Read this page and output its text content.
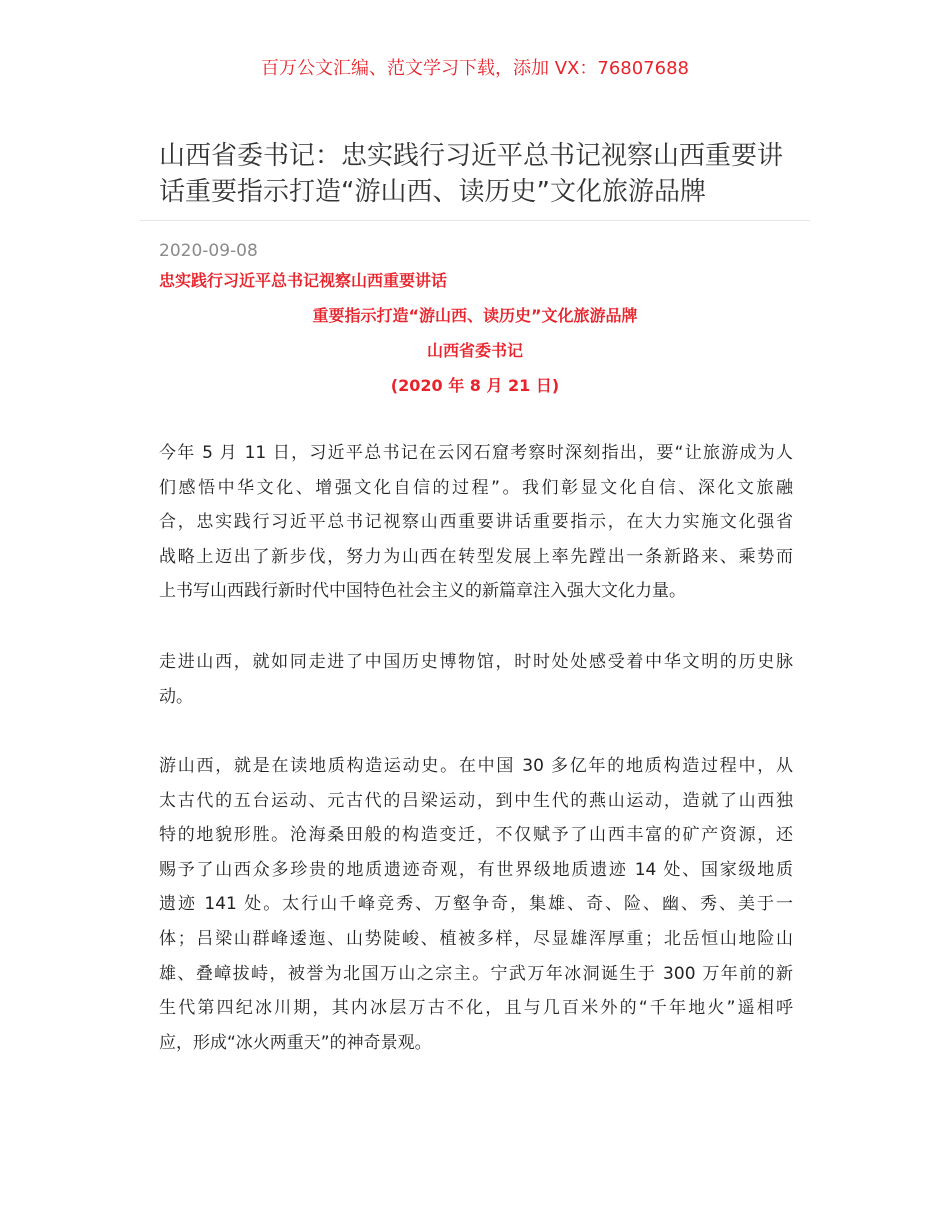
百万公文汇编、范文学习下载，添加 VX：76807688
山西省委书记：忠实践行习近平总书记视察山西重要讲
话重要指示打造“游山西、读历史”文化旅游品牌
2020-09-08
忠实践行习近平总书记视察山西重要讲话
重要指示打造“游山西、读历史”文化旅游品牌
山西省委书记
(2020 年 8 月 21 日)
今年 5 月 11 日，习近平总书记在云冈石窟考察时深刻指出，要“让旅游成为人
们感悟中华文化、增强文化自信的过程”。我们彰显文化自信、深化文旅融
合，忠实践行习近平总书记视察山西重要讲话重要指示，在大力实施文化强省
战略上迈出了新步伐，努力为山西在转型发展上率先蹚出一条新路来、乘势而
上书写山西践行新时代中国特色社会主义的新篇章注入强大文化力量。
走进山西，就如同走进了中国历史博物馆，时时处处感受着中华文明的历史脉
动。
游山西，就是在读地质构造运动史。在中国 30 多亿年的地质构造过程中，从
太古代的五台运动、元古代的吕梁运动，到中生代的燕山运动，造就了山西独
特的地貌形胜。沧海桑田般的构造变迁，不仅赋予了山西丰富的矿产资源，还
赐予了山西众多珍贵的地质遗迹奇观，有世界级地质遗迹 14 处、国家级地质
遗迹 141 处。太行山千峰竞秀、万壑争奇，集雄、奇、险、幽、秀、美于一
体；吕梁山群峰逶迤、山势陡峻、植被多样，尽显雄浑厚重；北岳恒山地险山
雄、叠嶂拔峙，被誉为北国万山之宗主。宁武万年冰洞诞生于 300 万年前的新
生代第四纪冰川期，其内冰层万古不化，且与几百米外的“千年地火”遥相呼
应，形成“冰火两重天”的神奇景观。
